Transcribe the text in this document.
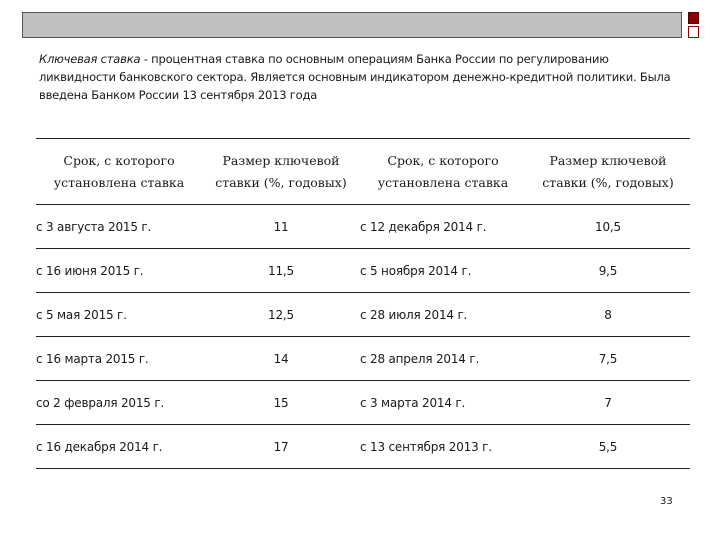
Ключевая ставка - процентная ставка по основным операциям Банка России по регулированию ликвидности банковского сектора. Является основным индикатором денежно-кредитной политики. Была введена Банком России 13 сентября 2013 года
Срок, с которого установлена ставка	Размер ключевой ставки (%, годовых)	Срок, с которого установлена ставка	Размер ключевой ставки (%, годовых)
с 3 августа 2015 г.	11	с 12 декабря 2014 г.	10,5
с 16 июня 2015 г.	11,5	с 5 ноября 2014 г.	9,5
с 5 мая 2015 г.	12,5	с 28 июля 2014 г.	8
с 16 марта 2015 г.	14	с 28 апреля 2014 г.	7,5
со 2 февраля 2015 г.	15	с 3 марта 2014 г.	7
с 16 декабря 2014 г.	17	с 13 сентября 2013 г.	5,5
33
